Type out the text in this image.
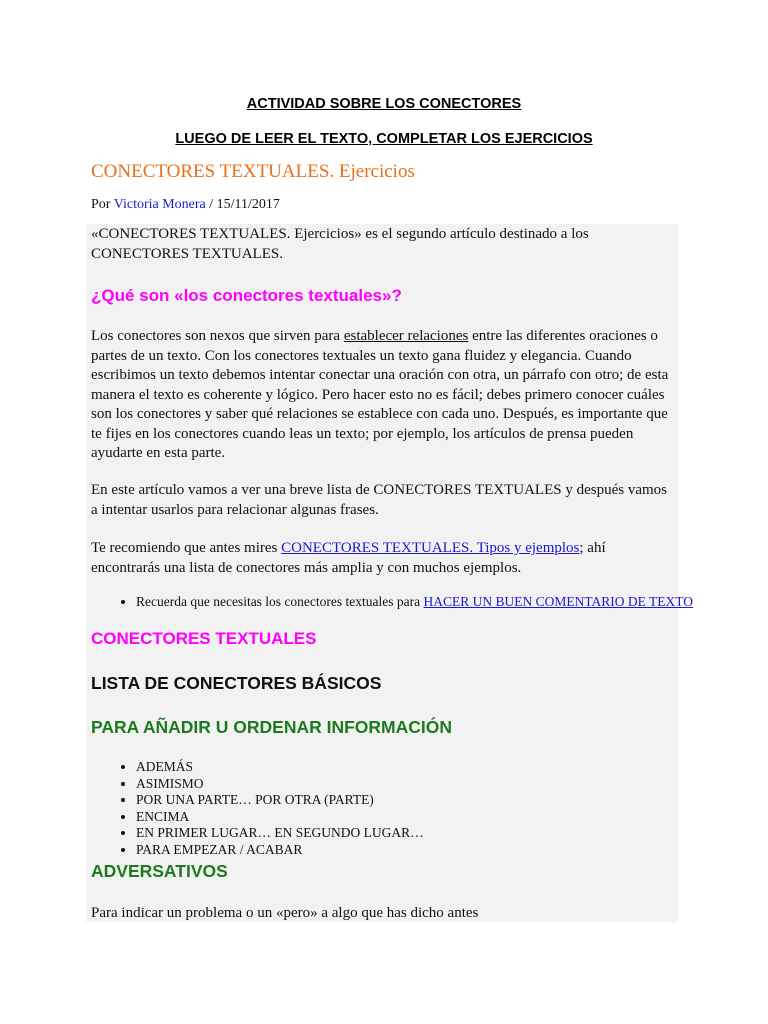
ACTIVIDAD SOBRE LOS CONECTORES
LUEGO DE LEER EL TEXTO, COMPLETAR LOS EJERCICIOS
CONECTORES TEXTUALES. Ejercicios
Por Victoria Monera / 15/11/2017
«CONECTORES TEXTUALES. Ejercicios» es el segundo artículo destinado a los CONECTORES TEXTUALES.
¿Qué son «los conectores textuales»?
Los conectores son nexos que sirven para establecer relaciones entre las diferentes oraciones o partes de un texto. Con los conectores textuales un texto gana fluidez y elegancia. Cuando escribimos un texto debemos intentar conectar una oración con otra, un párrafo con otro; de esta manera el texto es coherente y lógico. Pero hacer esto no es fácil; debes primero conocer cuáles son los conectores y saber qué relaciones se establece con cada uno. Después, es importante que te fijes en los conectores cuando leas un texto; por ejemplo, los artículos de prensa pueden ayudarte en esta parte.
En este artículo vamos a ver una breve lista de CONECTORES TEXTUALES y después vamos a intentar usarlos para relacionar algunas frases.
Te recomiendo que antes mires CONECTORES TEXTUALES. Tipos y ejemplos; ahí encontrarás una lista de conectores más amplia y con muchos ejemplos.
• Recuerda que necesitas los conectores textuales para HACER UN BUEN COMENTARIO DE TEXTO
CONECTORES TEXTUALES
LISTA DE CONECTORES BÁSICOS
PARA AÑADIR U ORDENAR INFORMACIÓN
• ADEMÁS
• ASIMISMO
• POR UNA PARTE… POR OTRA (PARTE)
• ENCIMA
• EN PRIMER LUGAR… EN SEGUNDO LUGAR…
• PARA EMPEZAR / ACABAR
ADVERSATIVOS
Para indicar un problema o un «pero» a algo que has dicho antes
